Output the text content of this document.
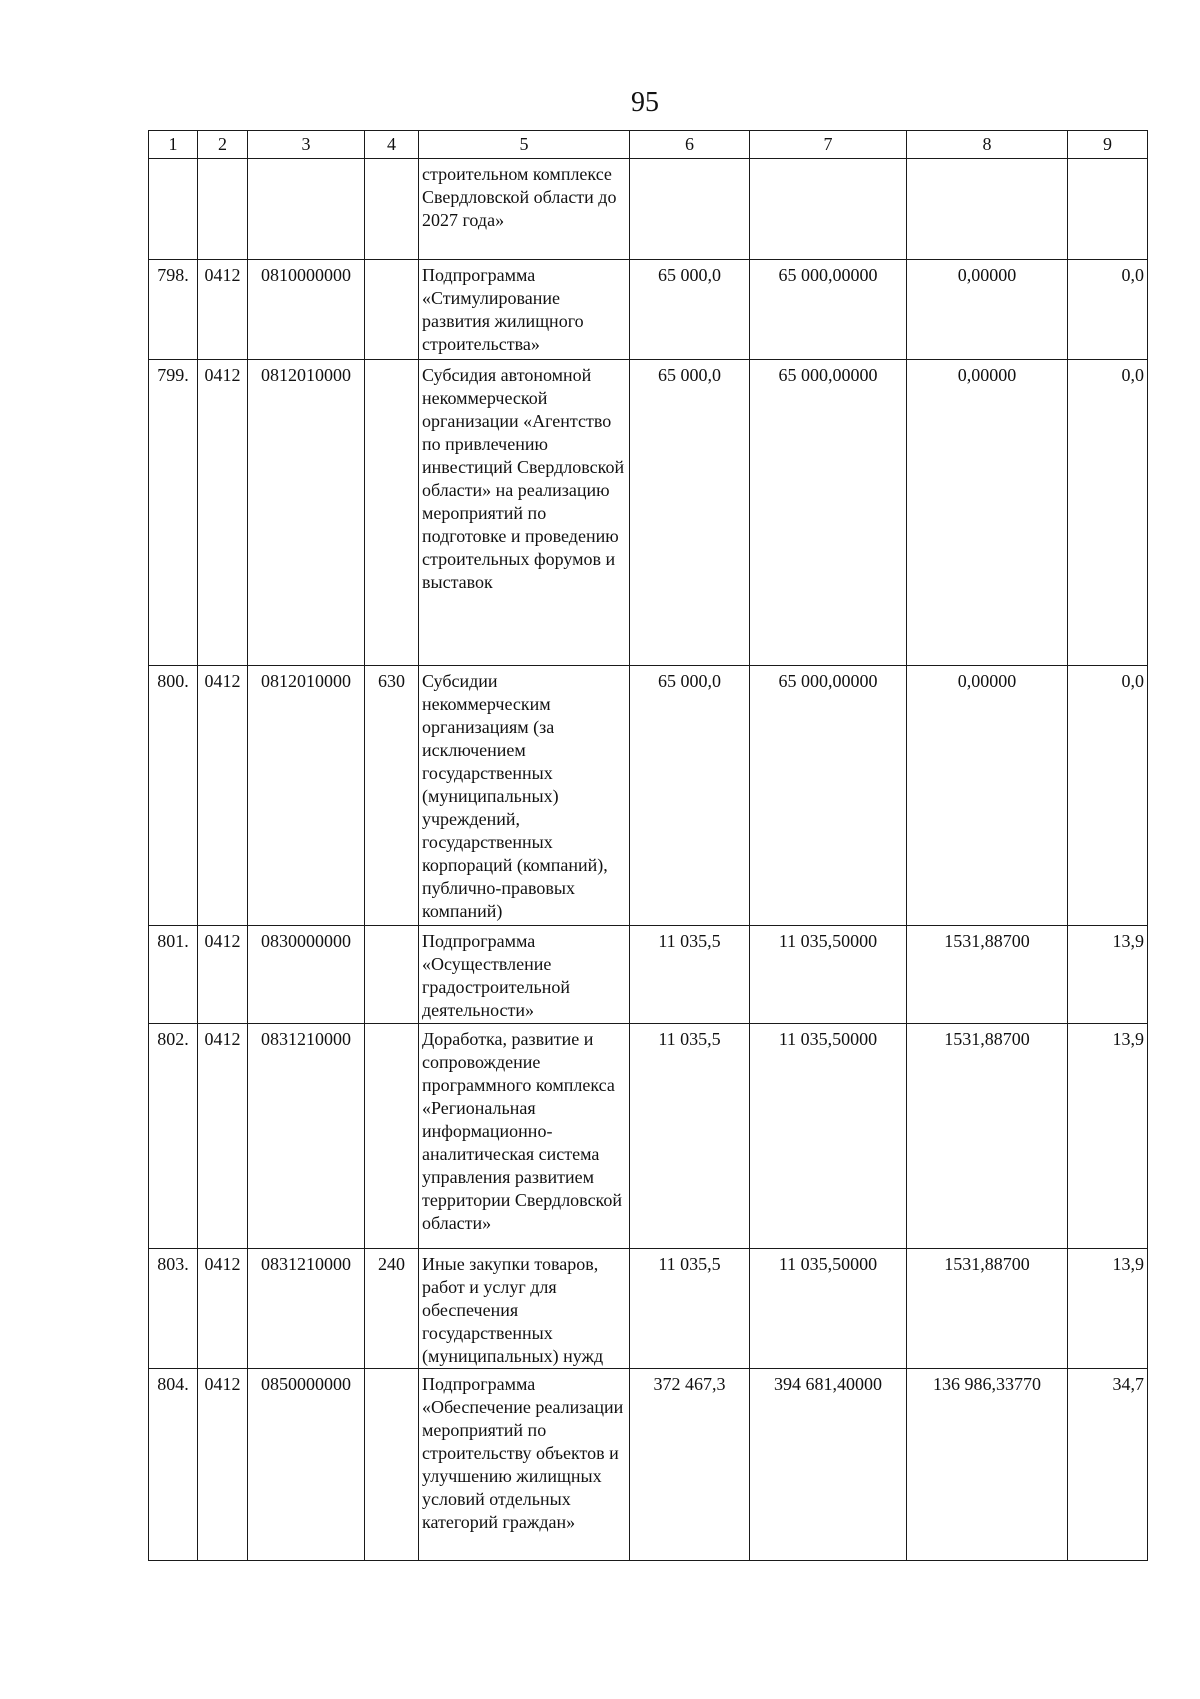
95
1	2	3	4	5	6	7	8	9
				строительном комплексе Свердловской области до 2027 года»				
798.	0412	0810000000		Подпрограмма «Стимулирование развития жилищного строительства»	65 000,0	65 000,00000	0,00000	0,0
799.	0412	0812010000		Субсидия автономной некоммерческой организации «Агентство по привлечению инвестиций Свердловской области» на реализацию мероприятий по подготовке и проведению строительных форумов и выставок	65 000,0	65 000,00000	0,00000	0,0
800.	0412	0812010000	630	Субсидии некоммерческим организациям (за исключением государственных (муниципальных) учреждений, государственных корпораций (компаний), публично-правовых компаний)	65 000,0	65 000,00000	0,00000	0,0
801.	0412	0830000000		Подпрограмма «Осуществление градостроительной деятельности»	11 035,5	11 035,50000	1531,88700	13,9
802.	0412	0831210000		Доработка, развитие и сопровождение программного комплекса «Региональная информационно-аналитическая система управления развитием территории Свердловской области»	11 035,5	11 035,50000	1531,88700	13,9
803.	0412	0831210000	240	Иные закупки товаров, работ и услуг для обеспечения государственных (муниципальных) нужд	11 035,5	11 035,50000	1531,88700	13,9
804.	0412	0850000000		Подпрограмма «Обеспечение реализации мероприятий по строительству объектов и улучшению жилищных условий отдельных категорий граждан»	372 467,3	394 681,40000	136 986,33770	34,7
